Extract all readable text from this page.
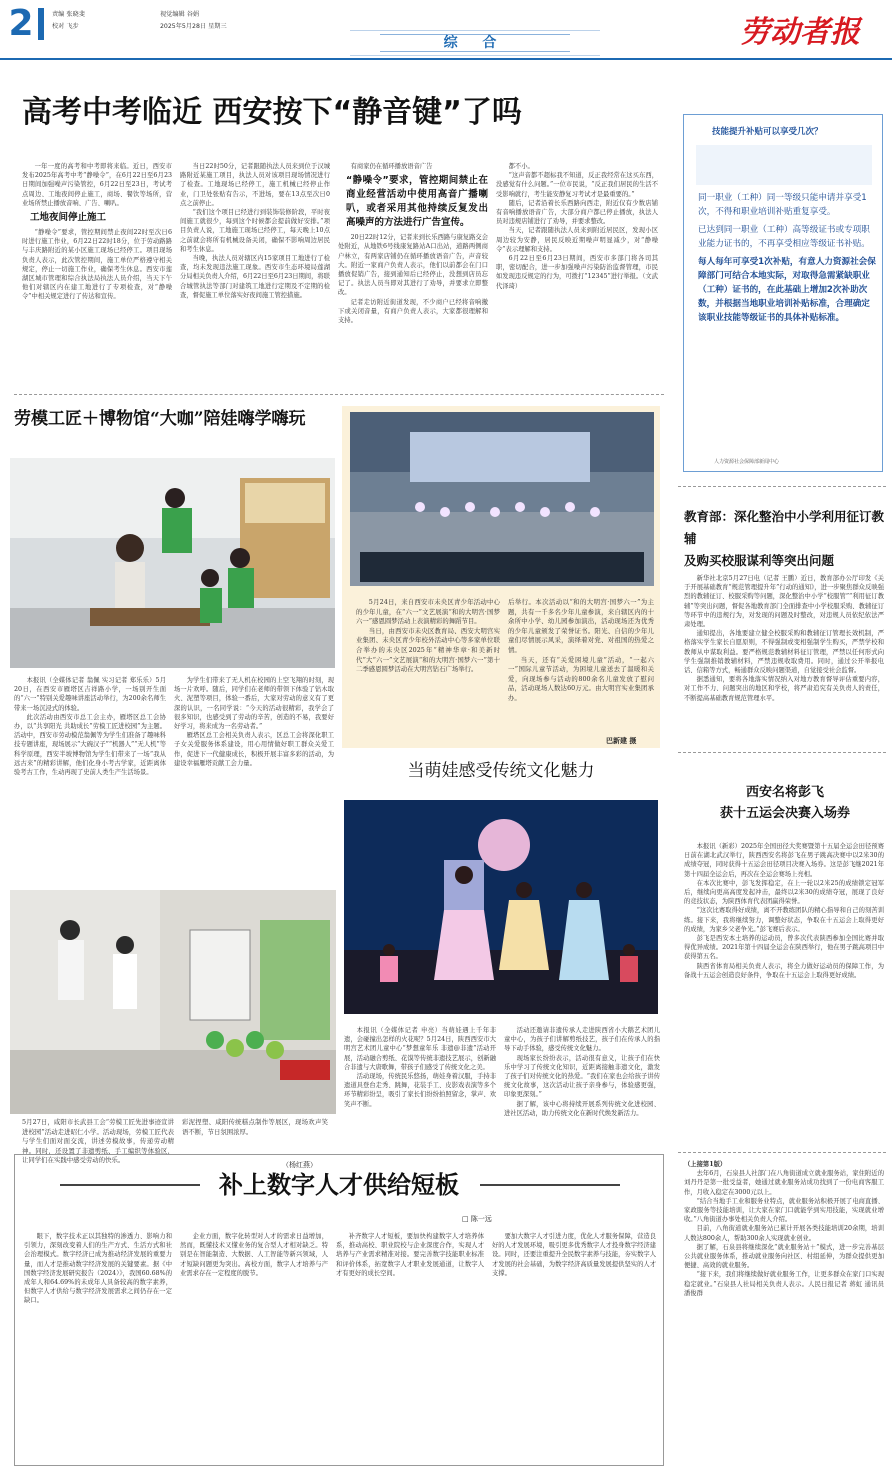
2	责编 张晓斐
校对 飞步
视觉编辑 谷娟
2025年5月28日 星期三
综 合	劳动者报
高考中考临近 西安按下“静音键”了吗

一年一度的高考和中考即将来临。近日，西安市发布2025年高考中考“静噪令”，在6月22日至6月23日期间加强噪声污染管控，6月22日至23日，考试考点周边、工地夜间停止施工，商场、餐饮等场所，营业场所禁止播放音响、广告、喇叭。

工地夜间停止施工

“静噪令”要求，管控期间禁止夜间22时至次日6时进行施工作业，6月22日22时18分，位于劳动路路与丰庆路附近的某小区施工现场已经停工。项目现场负责人表示，此次管控期间，施工单位严格遵守相关规定，停止一切施工作业，确保考生休息。西安市莲湖区城市管理和综合执法局执法人员介绍，当天下午他们对辖区内在建工地进行了专项检查，对“静噪令”中相关规定进行了传达和宣传。

当日22时50分，记者跟随执法人员来到位于汉城路附近某施工项目，执法人员对该项目现场情况进行了检查。工地现场已经停工，施工机械已经停止作业，门卫处张贴有告示，不进场，要在13点至次日0点之前停止。

“我们这个项目已经进行到装饰装修阶段，平时夜间施工就很少，每到这个时候都会提前做好安排。”项目负责人说，工地施工现场已经停工，每天晚上10点之前就会将所有机械设备关闭，确保不影响周边居民和考生休息。

当晚，执法人员对辖区内15家项目工地进行了检查，均未发现违法施工现象。西安市生态环境局莲湖分局相关负责人介绍，6月22日至6月23日期间，将联合城管执法等部门对建筑工地进行定期及不定期的检查，督促施工单位落实好夜间施工管控措施。

有商家仍在循环播放语音广告

“静噪令”要求，管控期间禁止在商业经营活动中使用高音广播喇叭，或者采用其他持续反复发出高噪声的方法进行广告宣传。

20日22时12分，记者来到长乐西路与康复路交会处附近，从地铁6号线康复路站A口出站，道路两侧商户林立，有两家店铺仍在循环播放语音广告，声音较大。附近一家商户负责人表示，他们以前都会在门口播放促销广告，接到通知后已经停止，没想到店员忘记了。执法人员当即对其进行了劝导，并要求立即整改。

记者走访附近街道发现，不少商户已经将音响撤下或关闭音量，有商户负责人表示，大家都很理解和支持。

都不小。

“这声音都不超标我不知道，反正我经常在这买东西，没感觉有什么问题。”一位市民说，“反正我们居民的生活不受影响就行，考生能安静复习考试才是最重要的。”

随后，记者沿着长乐西路向西走，附近仅有少数店铺有音响播放语音广告，大部分商户都已停止播放，执法人员对违规店铺进行了劝导，并要求整改。

当天，记者跟随执法人员来到附近居民区，发现小区周边较为安静，居民反映近期噪声明显减少，对“静噪令”表示理解和支持。

6月22日至6月23日期间，西安市多部门将各司其职，密切配合，进一步加强噪声污染防治监督管理，市民如发现违反规定的行为，可拨打“12345”进行举报。（文武 代泽琦）

技能提升补贴可以享受几次？

同一职业（工种）同一等级只能申请并享受1次，不得和职业培训补贴重复享受。

已达到同一职业（工种）高等级证书或专项职业能力证书的，不再享受相应等级证书补贴。

每人每年可享受1次补贴，有意人力资源社会保障部门可结合本地实际，对取得急需紧缺职业（工种）证书的，在此基础上增加2次补助次数，并根据当地职业培训补贴标准，合理确定该职业技能等级证书的具体补贴标准。

人力资源社会保障部新闻中心
劳模工匠＋博物馆“大咖”陪娃嗨学嗨玩

本报讯（全媒体记者 翁佩 实习记者 郑乐乐）5月20日，在西安市雁塔区吉祥路小学，一场别开生面的“六一”特别关爱趣味讲座活动举行，为200余名师生带来一场沉浸式的体验。

此次活动由西安市总工会主办，雁塔区总工会协办，以“共享阳光 共助成长”劳模工匠进校园”为主题。活动中，西安市劳动模范翁佩等为学生们准备了趣味科技专题讲座，现场展示“大碗汉子”“机器人”“无人机”等科学原理，西安半坡博物馆为学生们带来了一场“我从远古来”的精彩讲解，他们化身小考古学家，近距离体验考古工作，生动再现了史前人类生产生活场景。

为学生们带来了无人机在校园的上空飞翔的时刻，现场一片欢呼。随后，同学们在老师的带领下体验了钻木取火、泥塑等项目，体验一番后，大家对劳动的意义有了更深的认识，一名同学说：“今天的活动很精彩，我学会了很多知识，也感受到了劳动的辛苦，创造的不易，我要好好学习，将来成为一名劳动者。”

雁塔区总工会相关负责人表示，区总工会将深化职工子女关爱服务体系建设，用心用情做好职工群众关爱工作，促进下一代健康成长，积极开展丰富多彩的活动，为建设幸福雁塔贡献工会力量。

5月27日，咸阳市长武县工会“劳模工匠先进事迹宣讲进校园”活动走进昭仁小学。活动现场，劳模工匠代表与学生们面对面交流，讲述劳模故事，传递劳动精神。同时，还设置了非遗剪纸、手工编织等体验区，让同学们在实践中感受劳动的快乐。
彩泥捏塑、咸阳传统糕点制作等展区，现场欢声笑语不断，节日氛围浓厚。
（杨红燕）

5月24日，来自西安市未央区青少年活动中心的少年儿童，在“六一”文艺展演“和的大明宫·国梦六一”感恩圆梦活动上表演精彩的舞蹈节目。

当日，由西安市未央区教育局、西安大明宫实业集团、未央区青少年校外活动中心等多家单位联合举办的未央区2025年“精神华章·和美新时代”大“六一”文艺展演“和的大明宫·国梦六一”第十二季感恩圆梦活动在大明宫钻石广场举行。

后举行。本次活动以“和的大明宫·国梦六一”为主题，共有一千多名少年儿童参演，来自辖区内的十余所中小学、幼儿园参加演出，活动现场还为优秀的少年儿童颁发了荣誉证书。阳光、自信的少年儿童们尽情展示风采，演绎着对党、对祖国的热爱之情。

当天，还有“关爱困境儿童”活动，“一起六一”国际儿童节活动，为困境儿童送去了温暖和关爱，向现场参与活动的800余名儿童发放了慰问品，活动现场人数达60万元。由大明宫实业集团承办。

巴新建 摄
当萌娃感受传统文化魅力

本报讯（全媒体记者 申亮）当萌娃遇上千年非遗，会碰撞出怎样的火花呢？5月24日，陕西西安市大明宫艺术团儿童中心“梦想童年乐 非遗@非遗”活动开展，活动融合剪纸、花馍等传统非遗技艺展示，创新融合非遗与大唐歌舞，带孩子们感受了传统文化之美。

活动现场，传统民乐悠扬，萌娃身着汉服，手持非遗道具登台走秀、跳舞，花装手工、皮影戏表演等多个环节精彩纷呈，吸引了家长们纷纷拍照留念，掌声、欢笑声不断。

活动还邀请非遗传承人走进陕西省小大鹅艺术团儿童中心，为孩子们讲解剪纸技艺，孩子们在传承人的指导下动手体验，感受传统文化魅力。

现场家长纷纷表示，活动很有意义，让孩子们在快乐中学习了传统文化知识，近距离接触非遗文化，激发了孩子们对传统文化的热爱。“我们在家也会给孩子讲传统文化故事，这次活动让孩子亲身参与，体验感更强，印象更深刻。”

据了解，该中心将持续开展系列传统文化进校园、进社区活动，助力传统文化在新时代焕发新活力。

教育部：深化整治中小学利用征订教辅
及购买校服谋利等突出问题

新华社北京5月27日电（记者 王鹏）近日，教育部办公厅印发《关于开展基础教育“规范管理提升年”行动的通知》，进一步聚焦群众反映强烈的教辅征订、校服采购等问题，深化整治中小学“校服管”“利用征订教辅”等突出问题，督促各地教育部门全面排查中小学校服采购、教辅征订等环节中的违规行为，对发现的问题及时整改，对违规人员依纪依法严肃处理。

通知提出，各地要建立健全校服采购和教辅征订管理长效机制，严格落实学生家长自愿原则，不得强制或变相强制学生购买，严禁学校和教师从中谋取利益。要严格规范教辅材料征订管理，严禁以任何形式向学生强制推销教辅材料，严禁违规收取费用。同时，通过公开举报电话、信箱等方式，畅通群众反映问题渠道，自觉接受社会监督。

据悉通知，要将各地落实情况纳入对地方教育督导评估重要内容，对工作不力、问题突出的地区和学校，将严肃追究有关负责人的责任，不断提高基础教育规范管理水平。

西安名将彭飞
获十五运会决赛入场券

本报讯（新彩）2025年全国田径大奖赛暨第十五届全运会田径预赛日前在湖北武汉举行，陕西西安名将彭飞在男子跳高决赛中以2米30的成绩夺冠，同时获得十五运会田径项目决赛入场券。这是彭飞继2021年第十四届全运会后，再次在全运会赛场上亮相。

在本次比赛中，彭飞发挥稳定，在上一轮以2米25的成绩锁定冠军后，继续向更高高度发起冲击，最终以2米30的成绩夺冠，展现了良好的竞技状态，为陕西体育代表团赢得荣誉。

“这次比赛取得好成绩，离不开教练团队的精心指导和自己的刻苦训练。接下来，我将继续努力，调整好状态，争取在十五运会上取得更好的成绩，为家乡父老争光。”彭飞赛后表示。

彭飞是西安本土培养的运动员，曾多次代表陕西参加全国比赛并取得优异成绩。2021年第十四届全运会在陕西举行，他在男子跳高项目中获得第五名。

陕西省体育局相关负责人表示，将全力做好运动员的保障工作，为备战十五运会创造良好条件，争取在十五运会上取得更好成绩。

补上数字人才供给短板
□ 陈一远

眼下，数字技术正以其独特的渗透力、影响力和引领力，深刻改变着人们的生产方式、生活方式和社会治理模式。数字经济已成为推动经济发展的重要力量，而人才是推动数字经济发展的关键要素。据《中国数字经济发展研究报告（2024）》，我国60.68%的成年人和64.69%的未成年人具备较高的数字素养，但数字人才供给与数字经济发展需求之间仍存在一定缺口。

企业方面，数字化转型对人才的需求日益增加，然而，既懂技术又懂业务的复合型人才相对缺乏。特别是在智能制造、大数据、人工智能等新兴领域，人才短缺问题更为突出。高校方面，数字人才培养与产业需求存在一定程度的脱节。

补齐数字人才短板，要加快构建数字人才培养体系，推动高校、职业院校与企业深度合作，实现人才培养与产业需求精准对接。要完善数字技能职业标准和评价体系，拓宽数字人才职业发展通道，让数字人才有更好的成长空间。

要加大数字人才引进力度，优化人才服务保障，营造良好的人才发展环境，吸引更多优秀数字人才投身数字经济建设。同时，还要注重提升全民数字素养与技能，夯实数字人才发展的社会基础，为数字经济高质量发展提供坚实的人才支撑。

（上接第1版）

去年6月，石泉县人社部门在八角街道成立就业服务站，家住附近的刘丹丹是第一批受益者，她通过就业服务站成功找到了一份电商客服工作，月收入稳定在3000元以上。

“结合当地手工业和服务业特点，就业服务站积极开展了电商直播、家政服务等技能培训，让大家在家门口就能学到实用技能，实现就业增收。”八角街道办事处相关负责人介绍。

目前，八角街道就业服务站已累计开展各类技能培训20余期，培训人数达800余人，帮助300余人实现就业创业。

据了解，石泉县将继续深化“就业服务站＋”模式，进一步完善基层公共就业服务体系，推动就业服务向社区、村组延伸，为群众提供更加便捷、高效的就业服务。

“接下来，我们将继续做好就业服务工作，让更多群众在家门口实现稳定就业。”石泉县人社局相关负责人表示。人民日报记者 蒋虹 通讯员 潘俊群
